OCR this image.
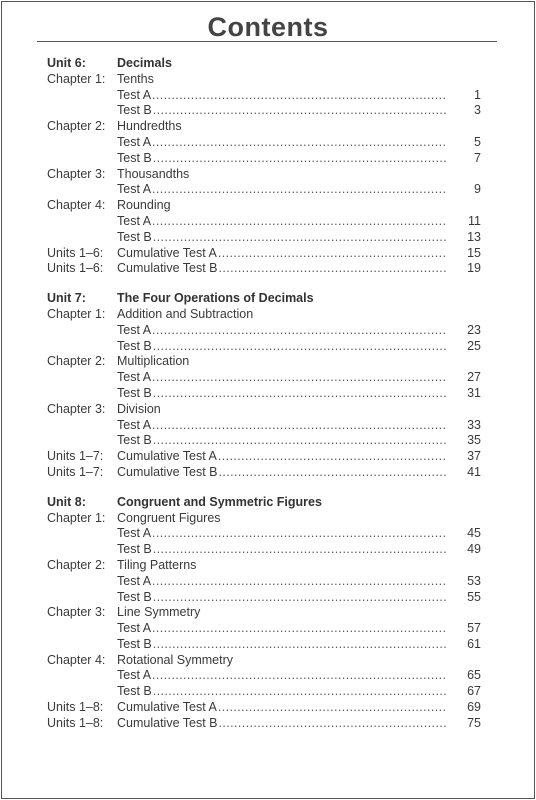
Contents
Unit 6:	Decimals
Chapter 1: Tenths
Test A .....	1
Test B .....	3
Chapter 2: Hundredths
Test A .....	5
Test B .....	7
Chapter 3: Thousandths
Test A .....	9
Chapter 4: Rounding
Test A .....	11
Test B .....	13
Units 1–6:	Cumulative Test A .....	15
Units 1–6:	Cumulative Test B .....	19
Unit 7:	The Four Operations of Decimals
Chapter 1: Addition and Subtraction
Test A .....	23
Test B .....	25
Chapter 2: Multiplication
Test A .....	27
Test B .....	31
Chapter 3: Division
Test A .....	33
Test B .....	35
Units 1–7:	Cumulative Test A .....	37
Units 1–7:	Cumulative Test B .....	41
Unit 8:	Congruent and Symmetric Figures
Chapter 1: Congruent Figures
Test A .....	45
Test B .....	49
Chapter 2: Tiling Patterns
Test A .....	53
Test B .....	55
Chapter 3: Line Symmetry
Test A .....	57
Test B .....	61
Chapter 4: Rotational Symmetry
Test A .....	65
Test B .....	67
Units 1–8:	Cumulative Test A .....	69
Units 1–8:	Cumulative Test B .....	75
